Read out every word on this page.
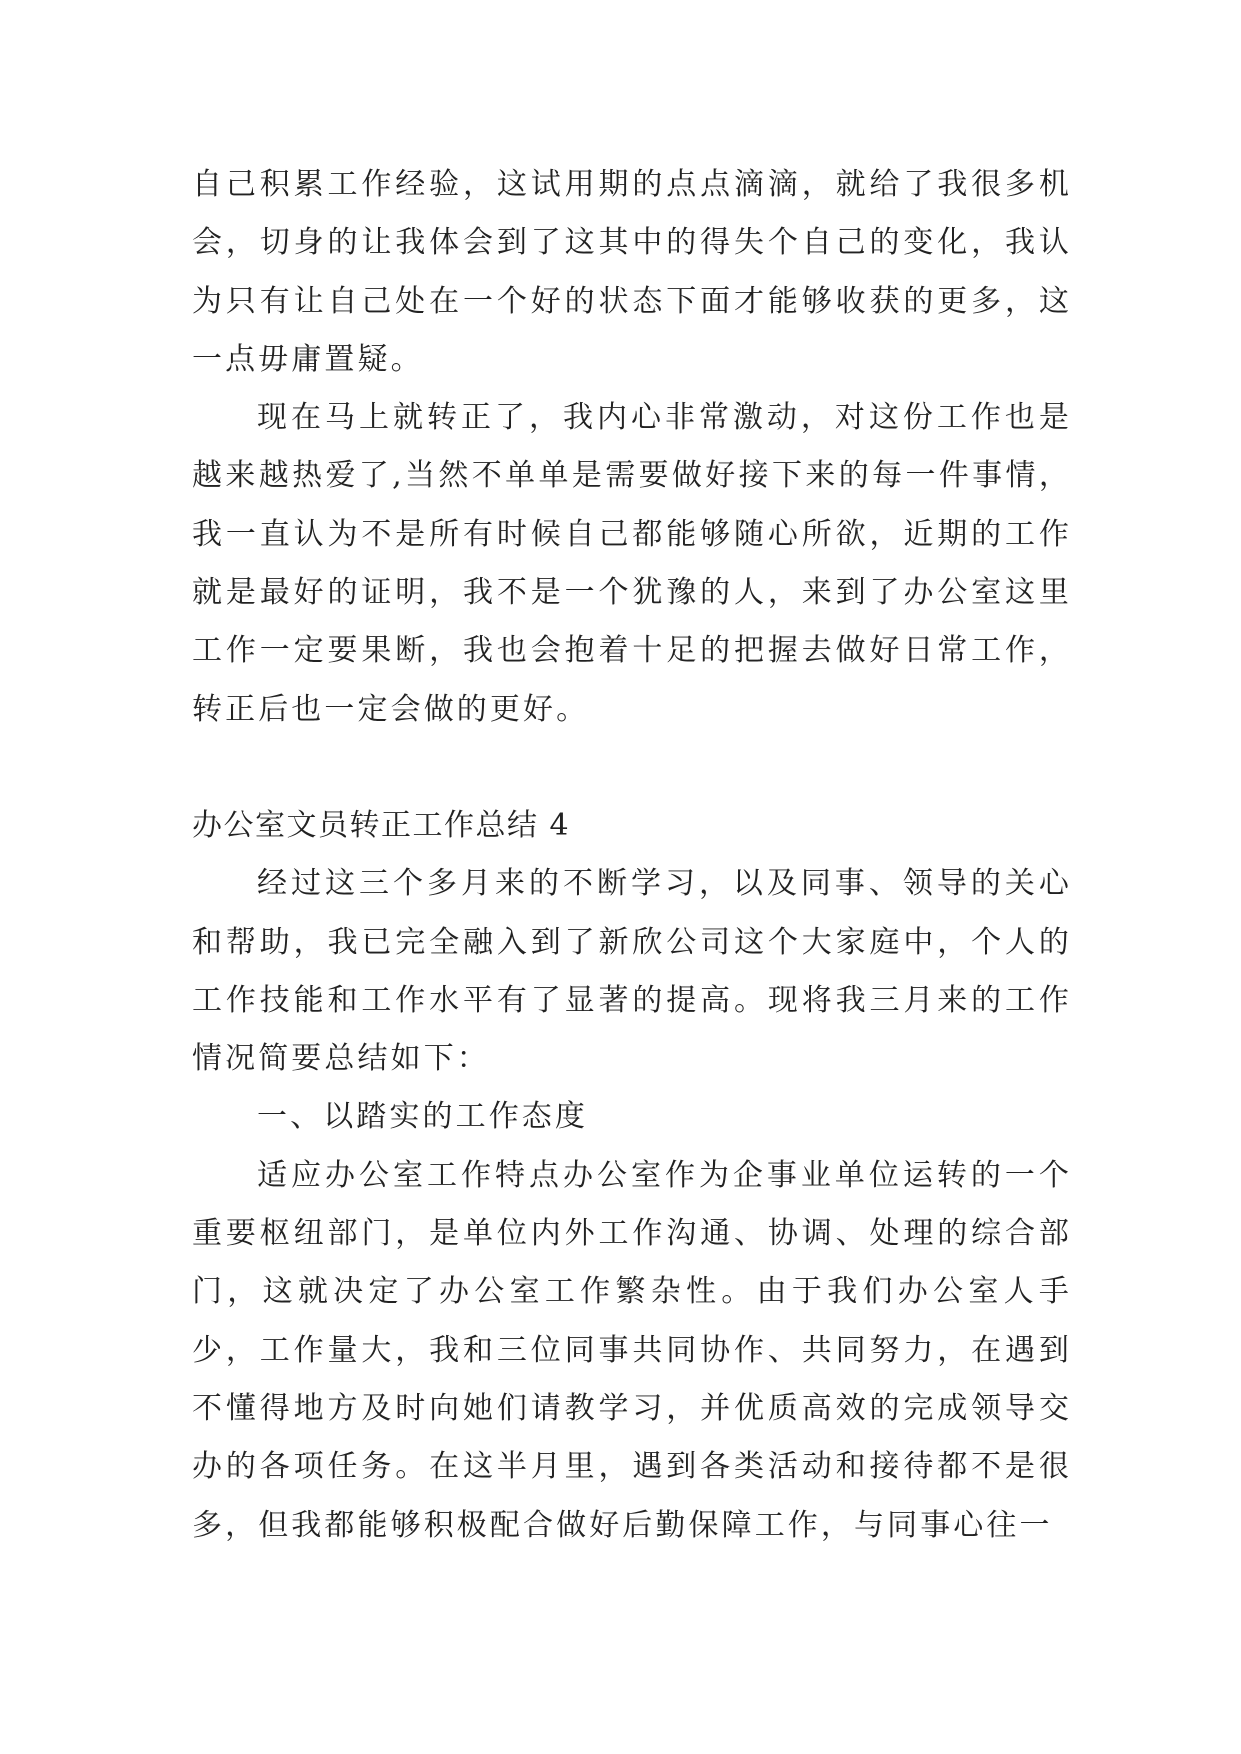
自己积累工作经验，这试用期的点点滴滴，就给了我很多机会，切身的让我体会到了这其中的得失个自己的变化，我认为只有让自己处在一个好的状态下面才能够收获的更多，这一点毋庸置疑。

现在马上就转正了，我内心非常激动，对这份工作也是越来越热爱了,当然不单单是需要做好接下来的每一件事情，我一直认为不是所有时候自己都能够随心所欲，近期的工作就是最好的证明，我不是一个犹豫的人，来到了办公室这里工作一定要果断，我也会抱着十足的把握去做好日常工作，转正后也一定会做的更好。

办公室文员转正工作总结 4

经过这三个多月来的不断学习，以及同事、领导的关心和帮助，我已完全融入到了新欣公司这个大家庭中，个人的工作技能和工作水平有了显著的提高。现将我三月来的工作情况简要总结如下：

一、以踏实的工作态度

适应办公室工作特点办公室作为企事业单位运转的一个重要枢纽部门，是单位内外工作沟通、协调、处理的综合部门，这就决定了办公室工作繁杂性。由于我们办公室人手少，工作量大，我和三位同事共同协作、共同努力，在遇到不懂得地方及时向她们请教学习，并优质高效的完成领导交办的各项任务。在这半月里，遇到各类活动和接待都不是很多，但我都能够积极配合做好后勤保障工作，与同事心往一
